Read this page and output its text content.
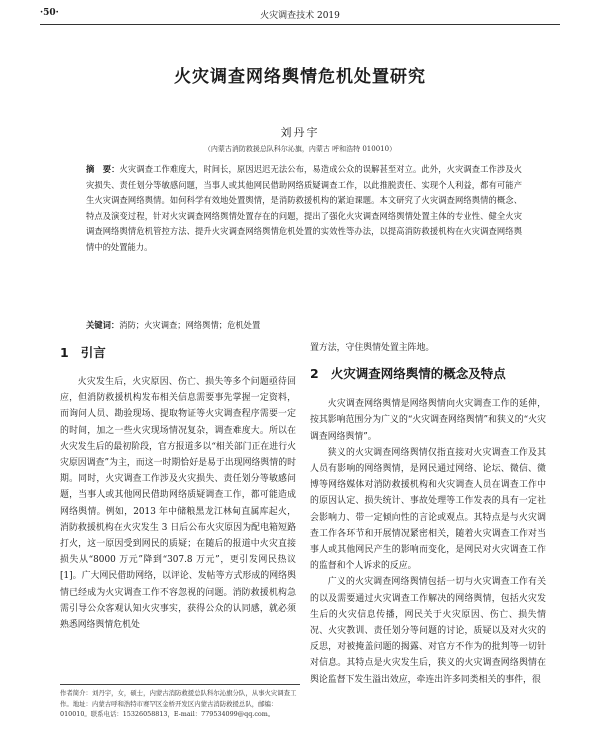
·50·	火灾调查技术 2019
火灾调查网络舆情危机处置研究
刘丹宇
（内蒙古消防救援总队科尔沁旗，内蒙古 呼和浩特 010010）
摘　要：火灾调查工作难度大，时间长，原因迟迟无法公布，易造成公众的误解甚至对立。此外，火灾调查工作涉及火灾损失、责任划分等敏感问题，当事人或其他网民借助网络质疑调查工作，以此推脱责任、实现个人利益，都有可能产生火灾调查网络舆情。如何科学有效地处置舆情，是消防救援机构的紧迫课题。本文研究了火灾调查网络舆情的概念、特点及演变过程，针对火灾调查网络舆情处置存在的问题，提出了强化火灾调查网络舆情处置主体的专业性、健全火灾调查网络舆情危机管控方法、提升火灾调查网络舆情危机处置的实效性等办法，以提高消防救援机构在火灾调查网络舆情中的处置能力。
关键词：消防；火灾调查；网络舆情；危机处置
1 引言

火灾发生后，火灾原因、伤亡、损失等多个问题亟待回应，但消防救援机构发布相关信息需要事先掌握一定资料，而询问人员、勘验现场、提取物证等火灾调查程序需要一定的时间，加之一些火灾现场情况复杂，调查难度大。所以在火灾发生后的最初阶段，官方报道多以“相关部门正在进行火灾原因调查”为主，而这一时期恰好是易于出现网络舆情的时期。同时，火灾调查工作涉及火灾损失、责任划分等敏感问题，当事人或其他网民借助网络质疑调查工作，都可能造成网络舆情。例如，2013 年中储粮黑龙江林甸直属库起火，消防救援机构在火灾发生 3 日后公布火灾原因为配电箱短路打火，这一原因受到网民的质疑；在随后的报道中火灾直接损失从“8000 万元”降到“307.8 万元”，更引发网民热议[1]。广大网民借助网络，以评论、发帖等方式形成的网络舆情已经成为火灾调查工作不容忽视的问题。消防救援机构急需引导公众客观认知火灾事实，获得公众的认同感，就必须熟悉网络舆情危机处

置方法，守住舆情处置主阵地。

2 火灾调查网络舆情的概念及特点

火灾调查网络舆情是网络舆情向火灾调查工作的延伸，按其影响范围分为广义的“火灾调查网络舆情”和狭义的“火灾调查网络舆情”。

狭义的火灾调查网络舆情仅指直接对火灾调查工作及其人员有影响的网络舆情，是网民通过网络、论坛、微信、微博等网络媒体对消防救援机构和火灾调查人员在调查工作中的原因认定、损失统计、事故处理等工作发表的具有一定社会影响力、带一定倾向性的言论或观点。其特点是与火灾调查工作各环节和开展情况紧密相关，随着火灾调查工作对当事人或其他网民产生的影响而变化，是网民对火灾调查工作的监督和个人诉求的反应。

广义的火灾调查网络舆情包括一切与火灾调查工作有关的以及需要通过火灾调查工作解决的网络舆情，包括火灾发生后的火灾信息传播，网民关于火灾原因、伤亡、损失情况、火灾教训、责任划分等问题的讨论，质疑以及对火灾的反思，对被掩盖问题的揭露、对官方不作为的批判等一切针对信息。其特点是火灾发生后，狭义的火灾调查网络舆情在舆论监督下发生溢出效应，牵连出许多同类相关的事件，很

作者简介：刘丹宇，女，硕士，内蒙古消防救援总队科尔沁旗分队，从事火灾调查工作。地址：内蒙古呼和浩特市赛罕区金桥开发区内蒙古消防救援总队，邮编：010010。联系电话：15326058813，E-mail：779534099@qq.com。
